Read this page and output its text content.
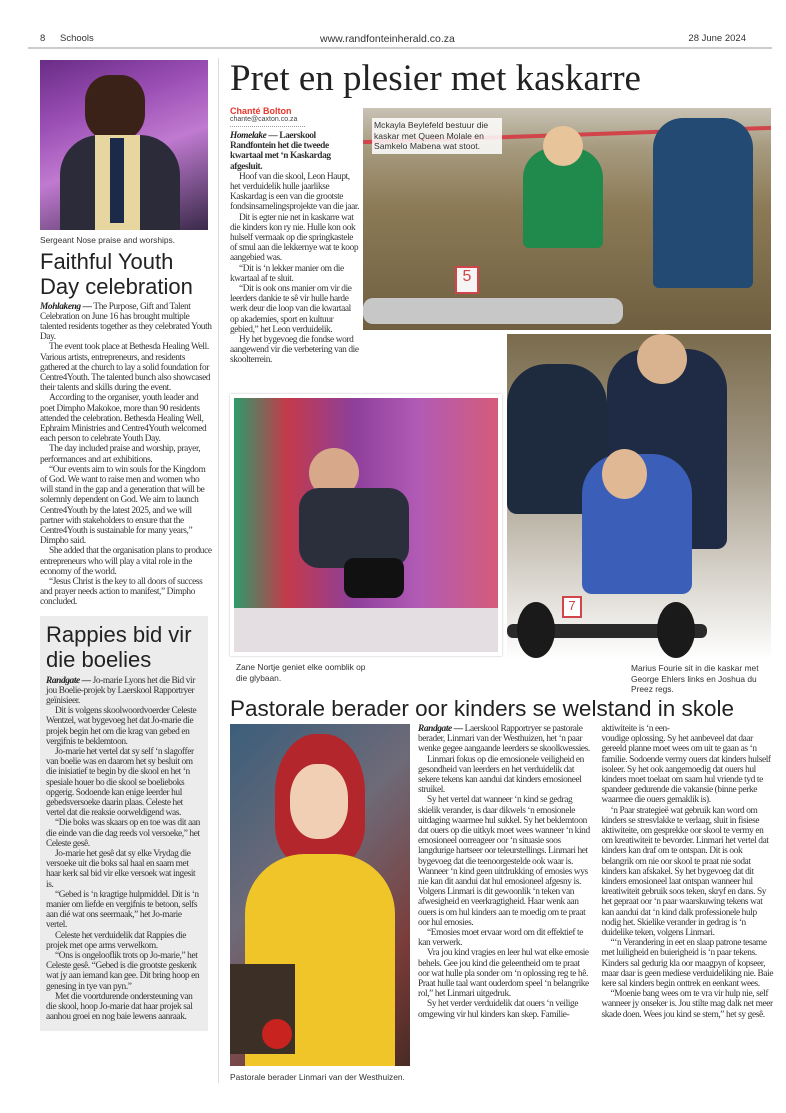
8 Schools	www.randfonteinherald.co.za	28 June 2024
Sergeant Nose praise and worships.
Faithful Youth Day celebration

Mohlakeng — The Purpose, Gift and Talent Celebration on June 16 has brought multiple talented residents together as they celebrated Youth Day.

The event took place at Bethesda Healing Well. Various artists, entrepreneurs, and residents gathered at the church to lay a solid foundation for Centre4Youth. The talented bunch also showcased their talents and skills during the event.

According to the organiser, youth leader and poet Dimpho Makokoe, more than 90 residents attended the celebration. Bethesda Healing Well, Ephraim Ministries and Centre4Youth welcomed each person to celebrate Youth Day.

The day included praise and worship, prayer, performances and art exhibitions.

“Our events aim to win souls for the Kingdom of God. We want to raise men and women who will stand in the gap and a generation that will be solemnly dependent on God. We aim to launch Centre4Youth by the latest 2025, and we will partner with stakeholders to ensure that the Centre4Youth is sustainable for many years,” Dimpho said.

She added that the organisation plans to produce entrepreneurs who will play a vital role in the economy of the world.

“Jesus Christ is the key to all doors of success and prayer needs action to manifest,” Dimpho concluded.

Rappies bid vir die boelies

Randgate — Jo-marie Lyons het die Bid vir jou Boelie-projek by Laerskool Rapportryer geïnisieer.

Dit is volgens skoolwoordvoerder Celeste Wentzel, wat bygevoeg het dat Jo-marie die projek begin het om die krag van gebed en vergifnis te beklemtoon.

Jo-marie het vertel dat sy self ‘n slagoffer van boelie was en daarom het sy besluit om die inisiatief te begin by die skool en het ‘n spesiale houer bo die skool se boelieboks opgerig. Sodoende kan enige leerder hul gebedsversoeke daarin plaas. Celeste het vertel dat die reaksie oorweldigend was.

“Die boks was skaars op en toe was dit aan die einde van die dag reeds vol versoeke,” het Celeste gesê.

Jo-marie het gesê dat sy elke Vrydag die versoeke uit die boks sal haal en saam met haar kerk sal bid vir elke versoek wat ingesit is.

“Gebed is ‘n kragtige hulpmiddel. Dit is ‘n manier om liefde en vergifnis te betoon, selfs aan dié wat ons seermaak,” het Jo-marie vertel.

Celeste het verduidelik dat Rappies die projek met ope arms verwelkom.

“Ons is ongelooflik trots op Jo-marie,” het Celeste gesê. “Gebed is die grootste geskenk wat jy aan iemand kan gee. Dit bring hoop en genesing in tye van pyn.”

Met die voortdurende ondersteuning van die skool, hoop Jo-marie dat haar projek sal aanhou groei en nog baie lewens aanraak.

Pret en plesier met kaskarre
Chanté Bolton
chante@caxton.co.za

Homelake — Laerskool Randfontein het die tweede kwartaal met ‘n Kaskardag afgesluit.

Hoof van die skool, Leon Haupt, het verduidelik hulle jaarlikse Kaskardag is een van die grootste fondsinsamelingsprojekte van die jaar.

Dit is egter nie net in kaskarre wat die kinders kon ry nie. Hulle kon ook hulself vermaak op die springkastele of smul aan die lekkernye wat te koop aangebied was.

“Dit is ‘n lekker manier om die kwartaal af te sluit.

“Dit is ook ons manier om vir die leerders dankie te sê vir hulle harde werk deur die loop van die kwartaal op akademies, sport en kultuur gebied,” het Leon verduidelik.

Hy het bygevoeg die fondse word aangewend vir die verbetering van die skoolterrein.

5
Mckayla Beylefeld bestuur die kaskar met Queen Molale en Samkelo Mabena wat stoot.
Zane Nortje geniet elke oomblik op die glybaan.
7
Marius Fourie sit in die kaskar met George Ehlers links en Joshua du Preez regs.
Pastorale berader oor kinders se welstand in skole
Pastorale berader Linmari van der Westhuizen.

Randgate — Laerskool Rapportryer se pastorale berader, Linmari van der Westhuizen, het ‘n paar wenke gegee aangaande leerders se skoolkwessies.

Linmari fokus op die emosionele veiligheid en gesondheid van leerders en het verduidelik dat sekere tekens kan aandui dat kinders emosioneel struikel.

Sy het vertel dat wanneer ‘n kind se gedrag skielik verander, is daar dikwels ‘n emosionele uitdaging waarmee hul sukkel. Sy het beklemtoon dat ouers op die uitkyk moet wees wanneer ‘n kind emosioneel oorreageer oor ‘n situasie soos langdurige hartseer oor teleurstellings. Linmari het bygevoeg dat die teenoorgestelde ook waar is. Wanneer ‘n kind geen uitdrukking of emosies wys nie kan dit aandui dat hul emosioneel afgesny is. Volgens Linmari is dit gewoonlik ‘n teken van afwesigheid en veerkragtigheid. Haar wenk aan ouers is om hul kinders aan te moedig om te praat oor hul emosies.

“Emosies moet ervaar word om dit effektief te kan verwerk.

Vra jou kind vragies en leer hul wat elke emosie behels. Gee jou kind die geleentheid om te praat oor wat hulle pla sonder om ‘n oplossing reg te hê. Praat hulle taal want ouderdom speel ‘n belangrike rol,” het Linmari uitgedruk.

Sy het verder verduidelik dat ouers ‘n veilige omgewing vir hul kinders kan skep. Familie-aktiwiteite is ‘n een-

voudige oplossing. Sy het aanbeveel dat daar gereeld planne moet wees om uit te gaan as ‘n familie. Sodoende vermy ouers dat kinders hulself isoleer. Sy het ook aangemoedig dat ouers hul kinders moet toelaat om saam hul vriende tyd te spandeer gedurende die vakansie (binne perke waarmee die ouers gemaklik is).

‘n Paar strategieë wat gebruik kan word om kinders se stresvlakke te verlaag, sluit in fisiese aktiwiteite, om gesprekke oor skool te vermy en om kreatiwiteit te bevorder. Linmari het vertel dat kinders kan draf om te ontspan. Dit is ook belangrik om nie oor skool te praat nie sodat kinders kan afskakel. Sy het bygevoeg dat dit kinders emosioneel laat ontspan wanneer hul kreatiwiteit gebruik soos teken, skryf en dans. Sy het gepraat oor ‘n paar waarskuwing tekens wat kan aandui dat ‘n kind dalk professionele hulp nodig het. Skielike verander in gedrag is ‘n duidelike teken, volgens Linmari.

“‘n Verandering in eet en slaap patrone tesame met luiligheid en buierigheid is ‘n paar tekens. Kinders sal gedurig kla oor maagpyn of kopseer, maar daar is geen mediese verduideliking nie. Baie kere sal kinders begin onttrek en eenkant wees.

“Moenie bang wees om te vra vir hulp nie, self wanneer jy onseker is. Jou stilte mag dalk net meer skade doen. Wees jou kind se stem,” het sy gesê.
